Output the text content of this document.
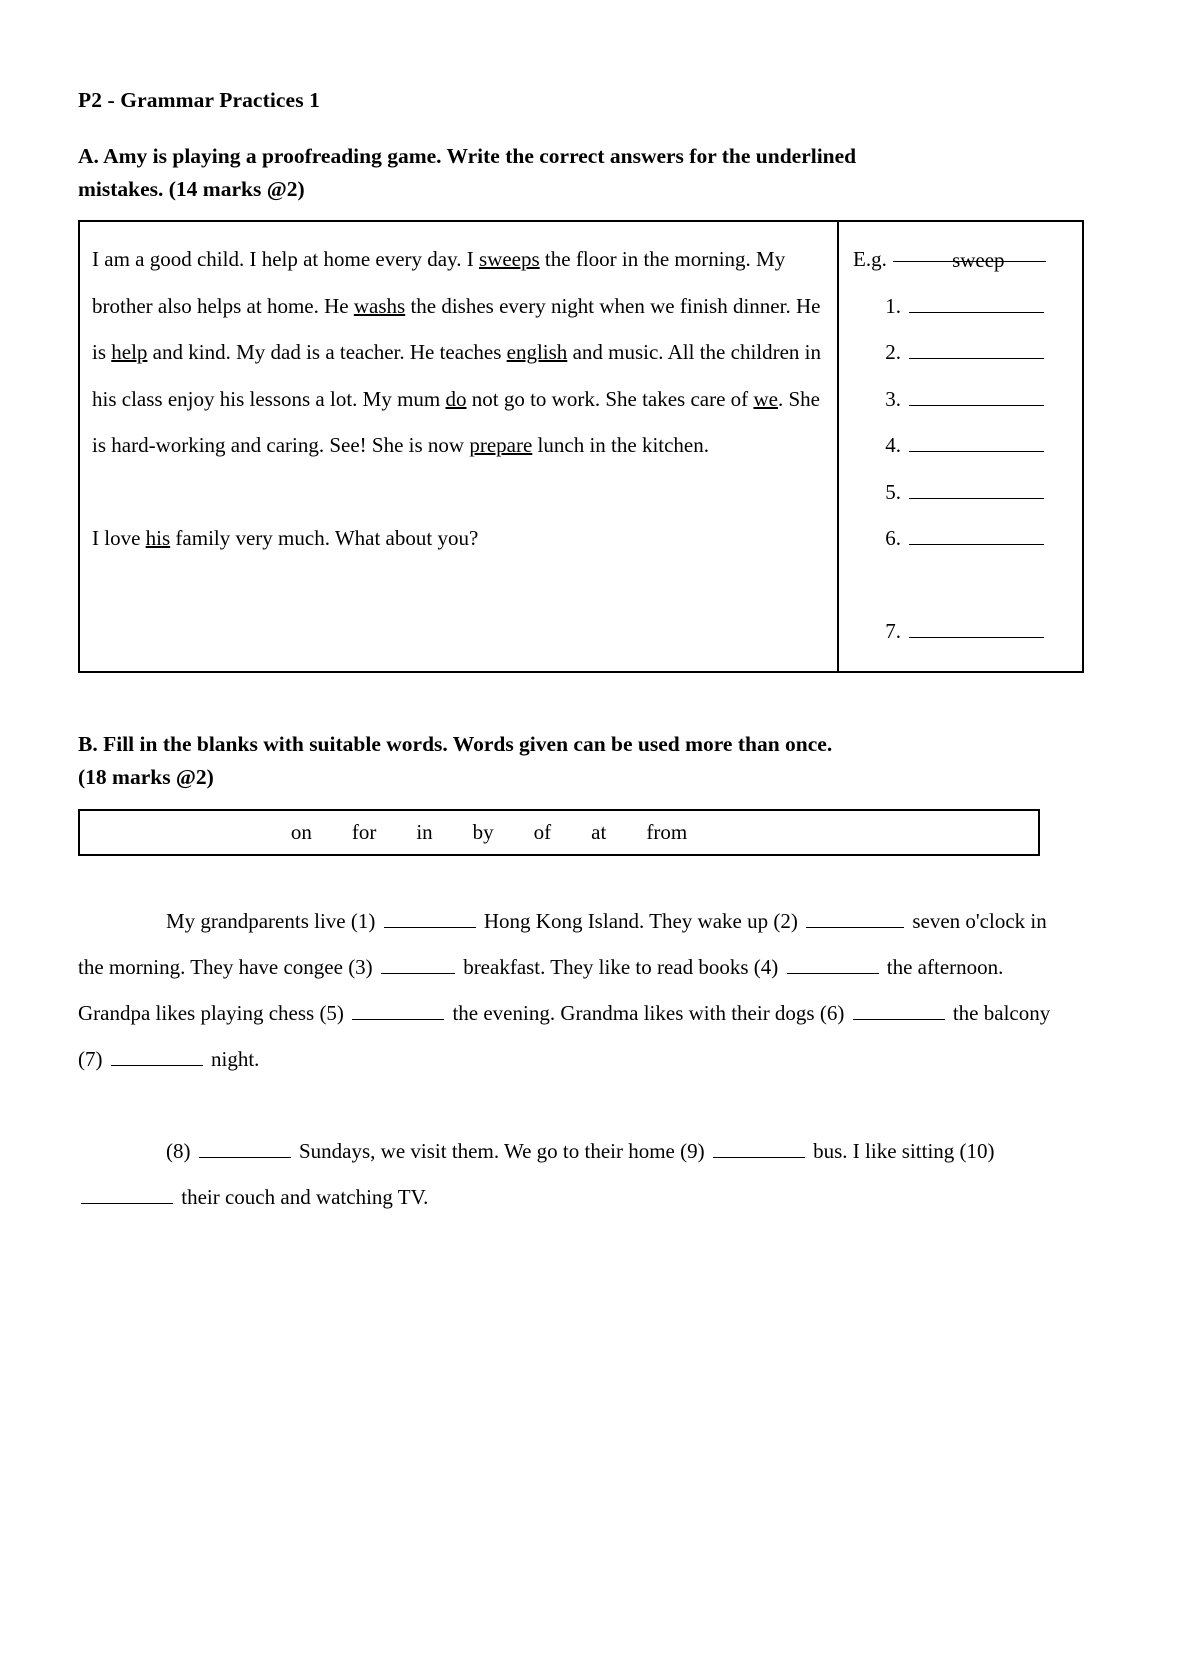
P2 - Grammar Practices 1
A. Amy is playing a proofreading game. Write the correct answers for the underlined
mistakes. (14 marks @2)
I am a good child. I help at home every day. I sweeps the floor in the morning. My brother also helps at home. He washs the dishes every night when we finish dinner. He is help and kind. My dad is a teacher. He teaches english and music. All the children in his class enjoy his lessons a lot. My mum do not go to work. She takes care of we. She is hard-working and caring. See! She is now prepare lunch in the kitchen.
I love his family very much. What about you?

E.g.	sweep
1.
2.
3.
4.
5.
6.
7.
B. Fill in the blanks with suitable words. Words given can be used more than once.
(18 marks @2)
on for in by of at from

My grandparents live (1)	Hong Kong Island. They wake up (2)	seven o'clock in the morning. They have congee (3)	breakfast. They like to read books (4)	the afternoon. Grandpa likes playing chess (5)	the evening. Grandma likes with their dogs (6)	the balcony (7)	night.

(8)	Sundays, we visit them. We go to their home (9)	bus. I like sitting (10)  their couch and watching TV.
